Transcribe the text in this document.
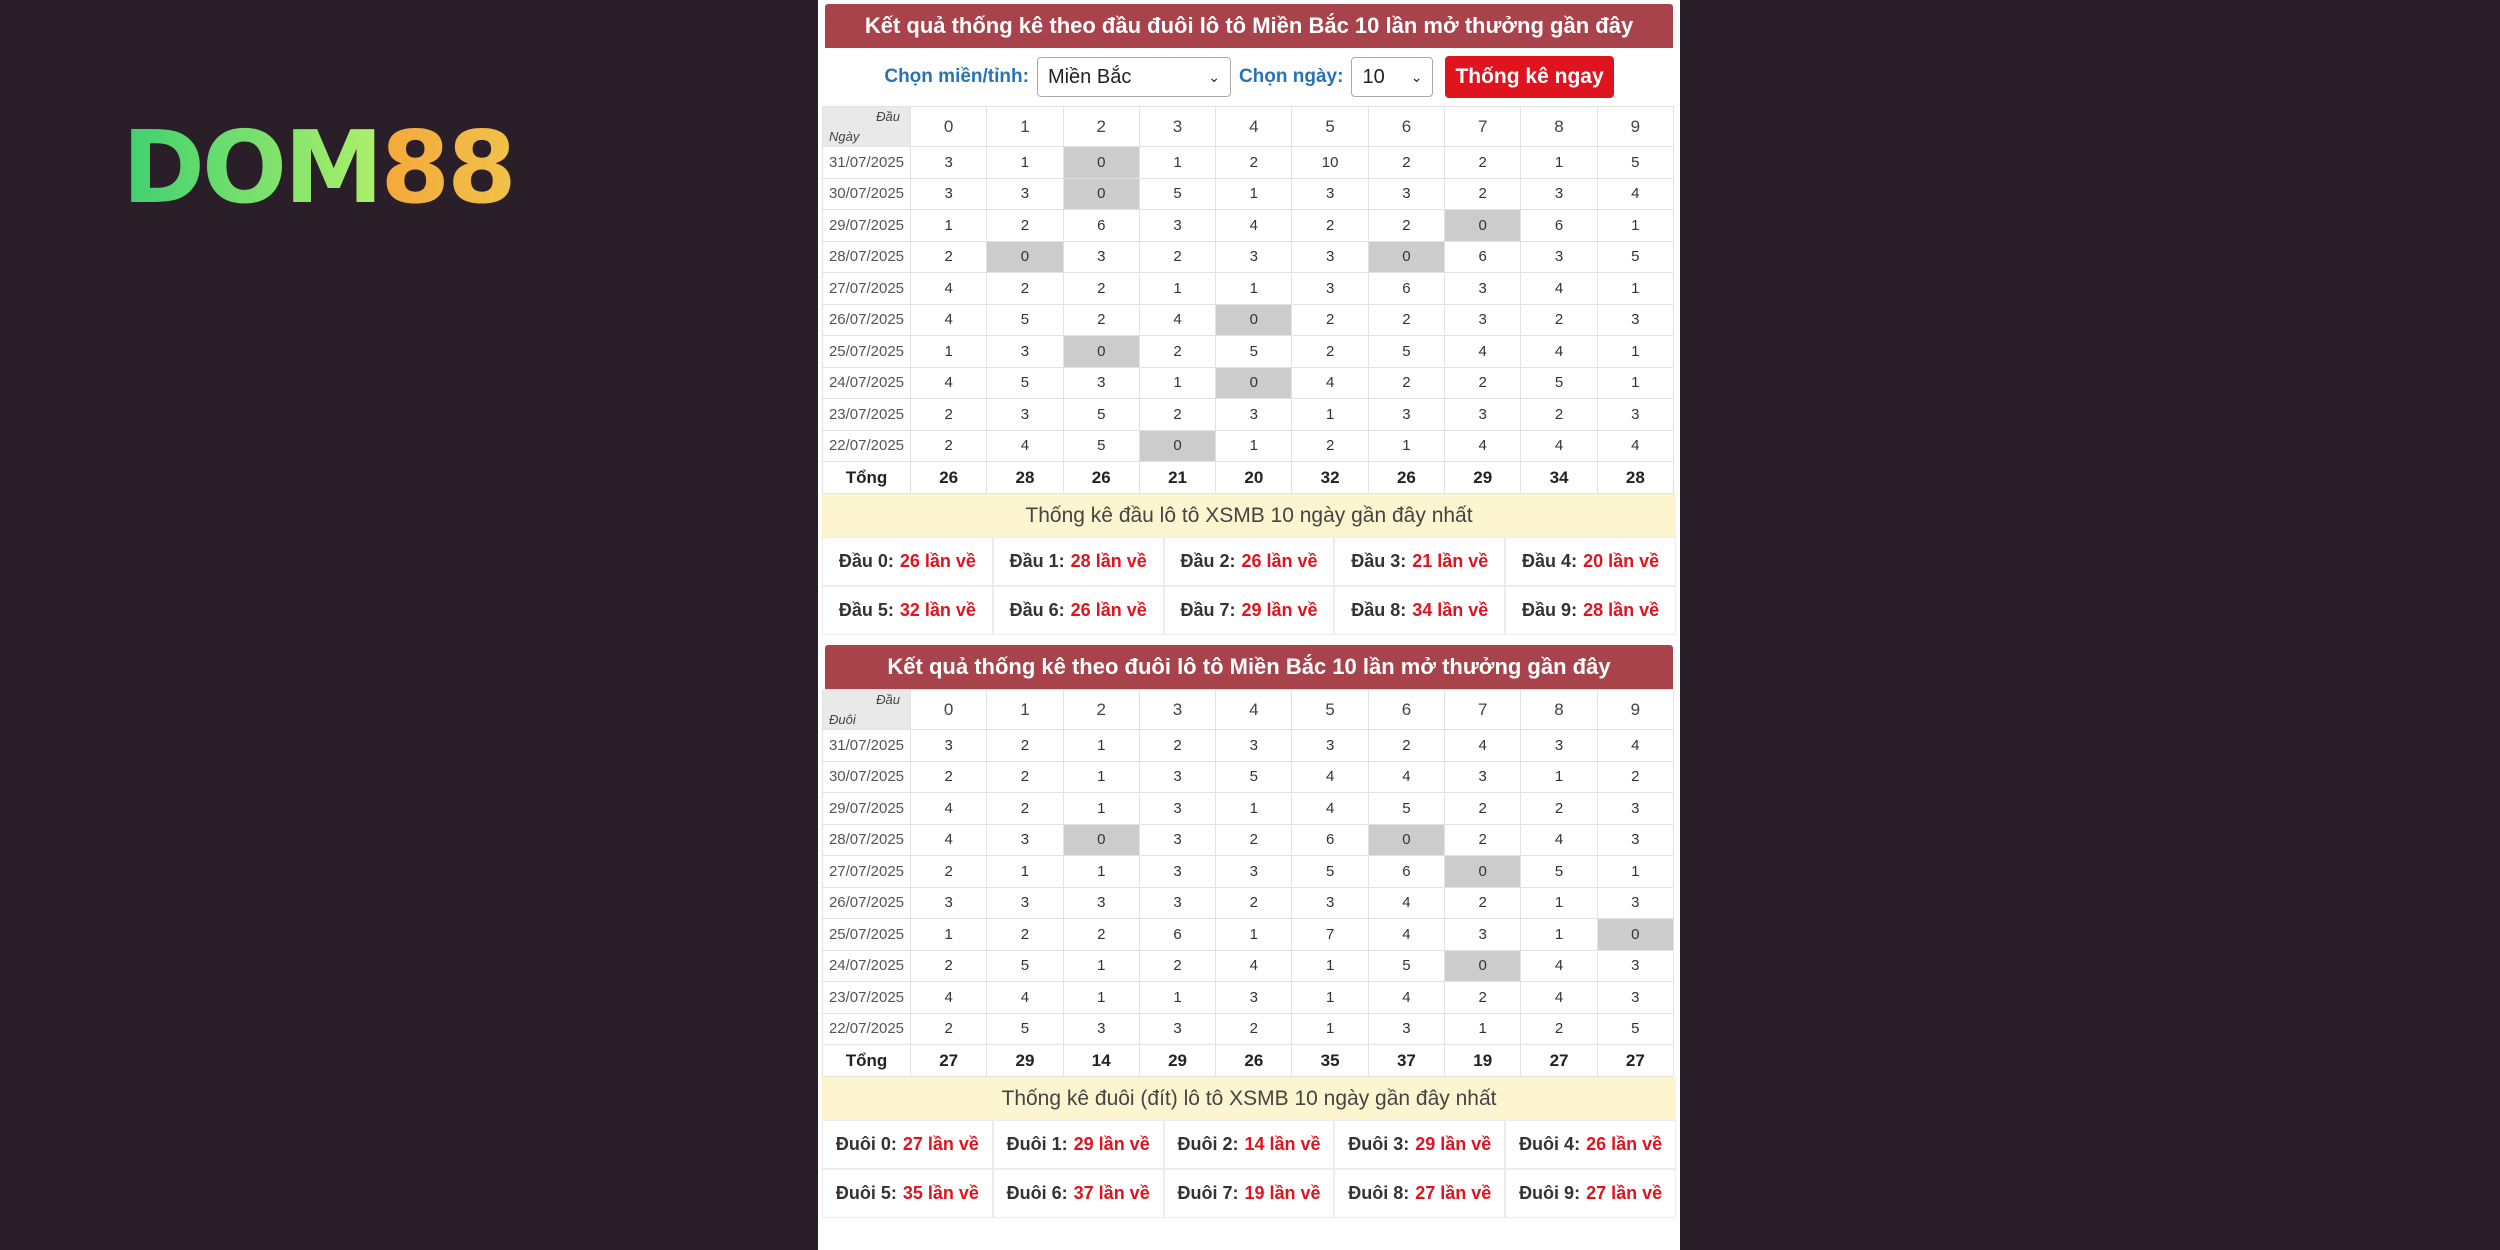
DOM 88
Kết quả thống kê theo đầu đuôi lô tô Miền Bắc 10 lần mở thưởng gần đây
Chọn miền/tỉnh: Miền Bắc	⌄ Chọn ngày: 10 ⌄	Thống kê ngay
Đầu
Ngày	0	1	2	3	4	5	6	7	8	9
31/07/2025	3	1	0	1	2	10	2	2	1	5
30/07/2025	3	3	0	5	1	3	3	2	3	4
29/07/2025	1	2	6	3	4	2	2	0	6	1
28/07/2025	2	0	3	2	3	3	0	6	3	5
27/07/2025	4	2	2	1	1	3	6	3	4	1
26/07/2025	4	5	2	4	0	2	2	3	2	3
25/07/2025	1	3	0	2	5	2	5	4	4	1
24/07/2025	4	5	3	1	0	4	2	2	5	1
23/07/2025	2	3	5	2	3	1	3	3	2	3
22/07/2025	2	4	5	0	1	2	1	4	4	4
Tổng	26	28	26	21	20	32	26	29	34	28
Thống kê đầu lô tô XSMB 10 ngày gần đây nhất
Đầu 0: 26 lần về Đầu 1: 28 lần về Đầu 2: 26 lần về Đầu 3: 21 lần về Đầu 4: 20 lần về
Đầu 5: 32 lần về Đầu 6: 26 lần về Đầu 7: 29 lần về Đầu 8: 34 lần về Đầu 9: 28 lần về
Kết quả thống kê theo đuôi lô tô Miền Bắc 10 lần mở thưởng gần đây
Đầu
Đuôi	0	1	2	3	4	5	6	7	8	9
31/07/2025	3	2	1	2	3	3	2	4	3	4
30/07/2025	2	2	1	3	5	4	4	3	1	2
29/07/2025	4	2	1	3	1	4	5	2	2	3
28/07/2025	4	3	0	3	2	6	0	2	4	3
27/07/2025	2	1	1	3	3	5	6	0	5	1
26/07/2025	3	3	3	3	2	3	4	2	1	3
25/07/2025	1	2	2	6	1	7	4	3	1	0
24/07/2025	2	5	1	2	4	1	5	0	4	3
23/07/2025	4	4	1	1	3	1	4	2	4	3
22/07/2025	2	5	3	3	2	1	3	1	2	5
Tổng	27	29	14	29	26	35	37	19	27	27
Thống kê đuôi (đít) lô tô XSMB 10 ngày gần đây nhất
Đuôi 0: 27 lần về Đuôi 1: 29 lần về Đuôi 2: 14 lần về Đuôi 3: 29 lần về Đuôi 4: 26 lần về
Đuôi 5: 35 lần về Đuôi 6: 37 lần về Đuôi 7: 19 lần về Đuôi 8: 27 lần về Đuôi 9: 27 lần về
